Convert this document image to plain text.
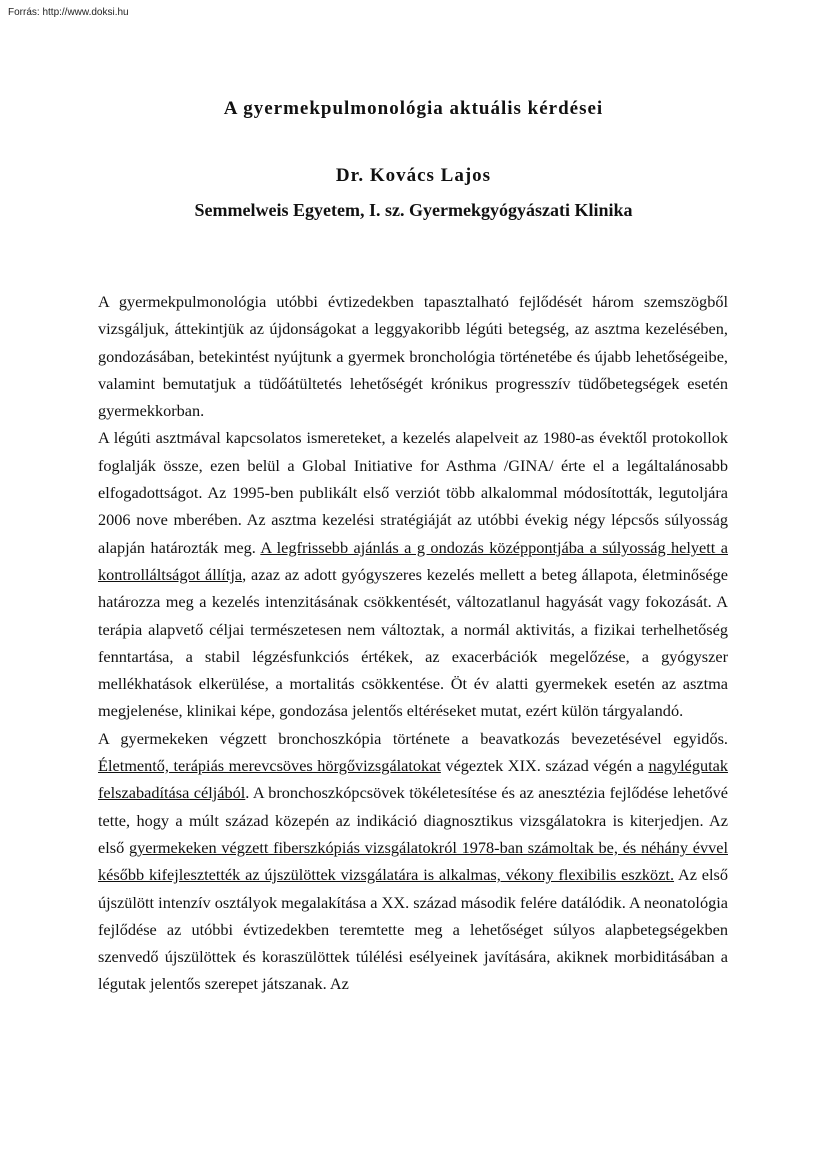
Forrás: http://www.doksi.hu
A gyermekpulmonológia aktuális kérdései
Dr. Kovács Lajos
Semmelweis Egyetem, I. sz. Gyermekgyógyászati Klinika

A gyermekpulmonológia utóbbi évtizedekben tapasztalható fejlődését három szemszögből vizsgáljuk, áttekintjük az újdonságokat a leggyakoribb légúti betegség, az asztma kezelésében, gondozásában, betekintést nyújtunk a gyermek bronchológia történetébe és újabb lehetőségeibe, valamint bemutatjuk a tüdőátültetés lehetőségét krónikus progresszív tüdőbetegségek esetén gyermekkorban.

A légúti asztmával kapcsolatos ismereteket, a kezelés alapelveit az 1980-as évektől protokollok foglalják össze, ezen belül a Global Initiative for Asthma /GINA/ érte el a legáltalánosabb elfogadottságot. Az 1995-ben publikált első verziót több alkalommal módosították, legutoljára 2006 nove mberében. Az asztma kezelési stratégiáját az utóbbi évekig négy lépcsős súlyosság alapján határozták meg. A legfrissebb ajánlás a g ondozás középpontjába a súlyosság helyett a kontrolláltságot állítja, azaz az adott gyógyszeres kezelés mellett a beteg állapota, életminősége határozza meg a kezelés intenzitásának csökkentését, változatlanul hagyását vagy fokozását. A terápia alapvető céljai természetesen nem változtak, a normál aktivitás, a fizikai terhelhetőség fenntartása, a stabil légzésfunkciós értékek, az exacerbációk megelőzése, a gyógyszer mellékhatások elkerülése, a mortalitás csökkentése. Öt év alatti gyermekek esetén az asztma megjelenése, klinikai képe, gondozása jelentős eltéréseket mutat, ezért külön tárgyalandó.

A gyermekeken végzett bronchoszkópia története a beavatkozás bevezetésével egyidős. Életmentő, terápiás merevcsöves hörgővizsgálatokat végeztek XIX. század végén a nagylégutak felszabadítása céljából. A bronchoszkópcsövek tökéletesítése és az anesztézia fejlődése lehetővé tette, hogy a múlt század közepén az indikáció diagnosztikus vizsgálatokra is kiterjedjen. Az első gyermekeken végzett fiberszkópiás vizsgálatokról 1978-ban számoltak be, és néhány évvel később kifejlesztették az újszülöttek vizsgálatára is alkalmas, vékony flexibilis eszközt. Az első újszülött intenzív osztályok megalakítása a XX. század második felére datálódik. A neonatológia fejlődése az utóbbi évtizedekben teremtette meg a lehetőséget súlyos alapbetegségekben szenvedő újszülöttek és koraszülöttek túlélési esélyeinek javítására, akiknek morbiditásában a légutak jelentős szerepet játszanak. Az
